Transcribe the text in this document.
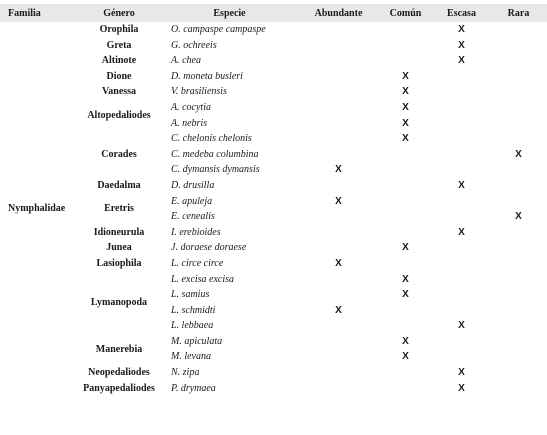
Familia	Género	Especie	Abundante	Común	Escasa	Rara
Nymphalidae	Orophila	O. campaspe campaspe			X	
	Greta	G. ochreeis			X	
	Altinote	A. chea			X	
	Dione	D. moneta busleri		X		
	Vanessa	V. brasiliensis		X		
	Altopedaliodes	A. cocytia		X		
		A. nebris		X		
	Corades	C. chelonis chelonis		X		
		C. medeba columbina				X
		C. dymansis dymansis	X			
	Daedalma	D. drusilla			X	
	Eretris	E. apuleja	X			
		E. cenealis				X
	Idioneurula	I. erebioides			X	
	Junea	J. doraese doraese		X		
	Lasiophila	L. circe circe	X			
	Lymanopoda	L. excisa excisa		X		
		L. samius		X		
		L. schmidti	X			
		L. lebbaea			X	
	Manerebia	M. apiculata		X		
		M. levana		X		
	Neopedaliodes	N. zipa			X	
	Panyapedaliodes	P. drymaea			X	
